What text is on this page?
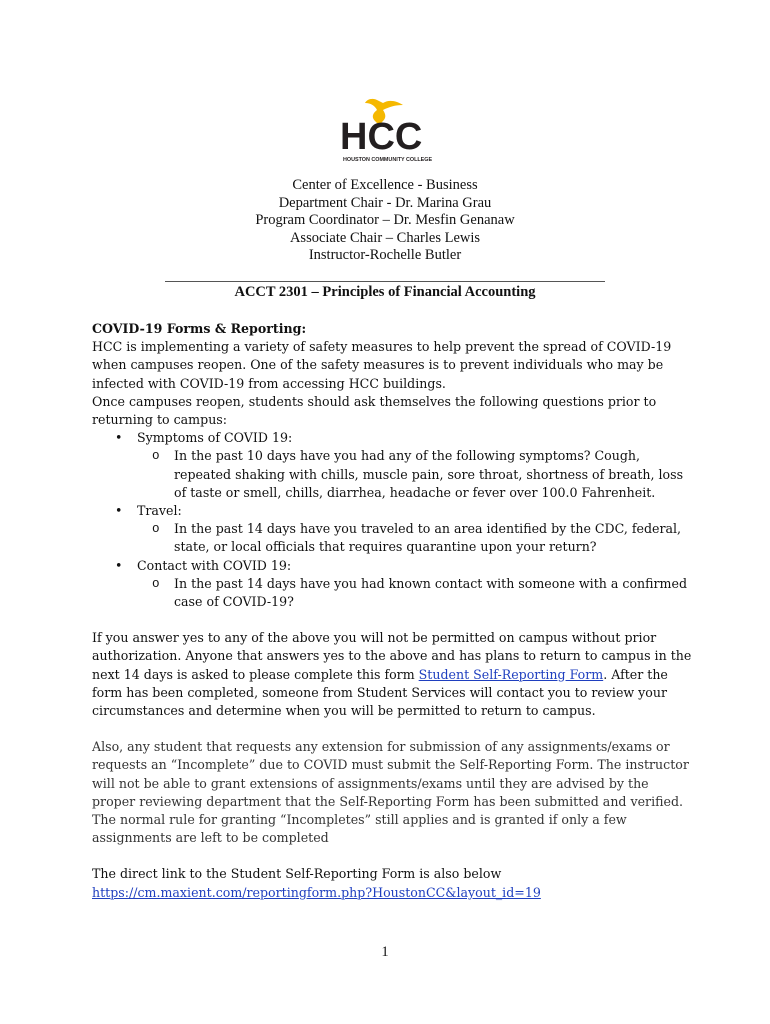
HCC
HOUSTON COMMUNITY COLLEGE
Center of Excellence - Business
Department Chair - Dr. Marina Grau
Program Coordinator – Dr. Mesfin Genanaw
Associate Chair – Charles Lewis
Instructor-Rochelle Butler
ACCT 2301 – Principles of Financial Accounting

COVID-19 Forms & Reporting:

HCC is implementing a variety of safety measures to help prevent the spread of COVID-19 when campuses reopen. One of the safety measures is to prevent individuals who may be infected with COVID-19 from accessing HCC buildings.

Once campuses reopen, students should ask themselves the following questions prior to returning to campus:

• Symptoms of COVID 19:
o In the past 10 days have you had any of the following symptoms? Cough, repeated shaking with chills, muscle pain, sore throat, shortness of breath, loss of taste or smell, chills, diarrhea, headache or fever over 100.0 Fahrenheit.
• Travel:
o In the past 14 days have you traveled to an area identified by the CDC, federal, state, or local officials that requires quarantine upon your return?
• Contact with COVID 19:
o In the past 14 days have you had known contact with someone with a confirmed case of COVID-19?

If you answer yes to any of the above you will not be permitted on campus without prior authorization. Anyone that answers yes to the above and has plans to return to campus in the next 14 days is asked to please complete this form Student Self-Reporting Form. After the form has been completed, someone from Student Services will contact you to review your circumstances and determine when you will be permitted to return to campus.

Also, any student that requests any extension for submission of any assignments/exams or requests an “Incomplete” due to COVID must submit the Self-Reporting Form. The instructor will not be able to grant extensions of assignments/exams until they are advised by the proper reviewing department that the Self-Reporting Form has been submitted and verified. The normal rule for granting “Incompletes” still applies and is granted if only a few assignments are left to be completed

The direct link to the Student Self-Reporting Form is also below

https://cm.maxient.com/reportingform.php?HoustonCC&layout_id=19

1
